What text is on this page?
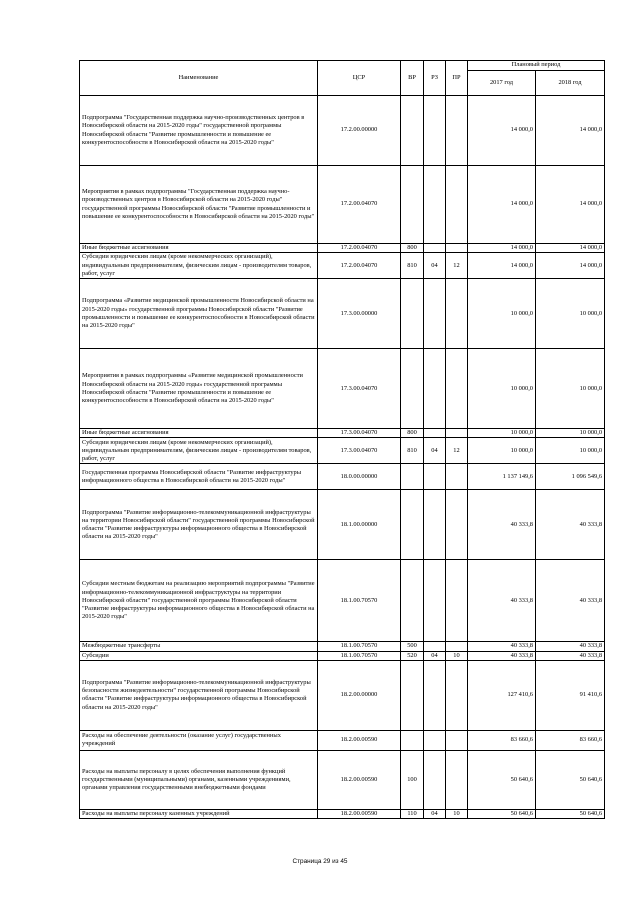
Наименование	ЦСР	ВР	РЗ	ПР	Плановый период	
					2017 год	2018 год
Подпрограмма "Государственная поддержка научно-производственных центров в Новосибирской области на 2015-2020 годы" государственной программы Новосибирской области "Развитие промышленности и повышение ее конкурентоспособности в Новосибирской области на 2015-2020 годы"	17.2.00.00000				14 000,0	14 000,0
Мероприятия в рамках подпрограммы "Государственная поддержка научно-производственных центров в Новосибирской области на 2015-2020 годы" государственной программы Новосибирской области "Развитие промышленности и повышение ее конкурентоспособности в Новосибирской области на 2015-2020 годы"	17.2.00.04070				14 000,0	14 000,0
Иные бюджетные ассигнования	17.2.00.04070	800			14 000,0	14 000,0
Субсидии юридическим лицам (кроме некоммерческих организаций), индивидуальным предпринимателям, физическим лицам - производителям товаров, работ, услуг	17.2.00.04070	810	04	12	14 000,0	14 000,0
Подпрограмма «Развитие медицинской промышленности Новосибирской области на 2015-2020 годы» государственной программы Новосибирской области "Развитие промышленности и повышение ее конкурентоспособности в Новосибирской области на 2015-2020 годы"	17.3.00.00000				10 000,0	10 000,0
Мероприятия в рамках подпрограммы «Развитие медицинской промышленности Новосибирской области на 2015-2020 годы» государственной программы Новосибирской области "Развитие промышленности и повышение ее конкурентоспособности в Новосибирской области на 2015-2020 годы"	17.3.00.04070				10 000,0	10 000,0
Иные бюджетные ассигнования	17.3.00.04070	800			10 000,0	10 000,0
Субсидии юридическим лицам (кроме некоммерческих организаций), индивидуальным предпринимателям, физическим лицам - производителям товаров, работ, услуг	17.3.00.04070	810	04	12	10 000,0	10 000,0
Государственная программа Новосибирской области "Развитие инфраструктуры информационного общества в Новосибирской области на 2015-2020 годы"	18.0.00.00000				1 137 149,6	1 096 549,6
Подпрограмма "Развитие информационно-телекоммуникационной инфраструктуры на территории Новосибирской области" государственной программы Новосибирской области "Развитие инфраструктуры информационного общества в Новосибирской области на 2015-2020 годы"	18.1.00.00000				40 333,8	40 333,8
Субсидии местным бюджетам на реализацию мероприятий подпрограммы "Развитие информационно-телекоммуникационной инфраструктуры на территории Новосибирской области" государственной программы Новосибирской области "Развитие инфраструктуры информационного общества в Новосибирской области на 2015-2020 годы"	18.1.00.70570				40 333,8	40 333,8
Межбюджетные трансферты	18.1.00.70570	500			40 333,8	40 333,8
Субсидии	18.1.00.70570	520	04	10	40 333,8	40 333,8
Подпрограмма "Развитие информационно-телекоммуникационной инфраструктуры безопасности жизнедеятельности" государственной программы Новосибирской области "Развитие инфраструктуры информационного общества в Новосибирской области на 2015-2020 годы"	18.2.00.00000				127 410,6	91 410,6
Расходы на обеспечение деятельности (оказание услуг) государственных учреждений	18.2.00.00590				83 660,6	83 660,6
Расходы на выплаты персоналу в целях обеспечения выполнения функций государственными (муниципальными) органами, казенными учреждениями, органами управления государственными внебюджетными фондами	18.2.00.00590	100			50 640,6	50 640,6
Расходы на выплаты персоналу казенных учреждений	18.2.00.00590	110	04	10	50 640,6	50 640,6
Страница 29 из 45
